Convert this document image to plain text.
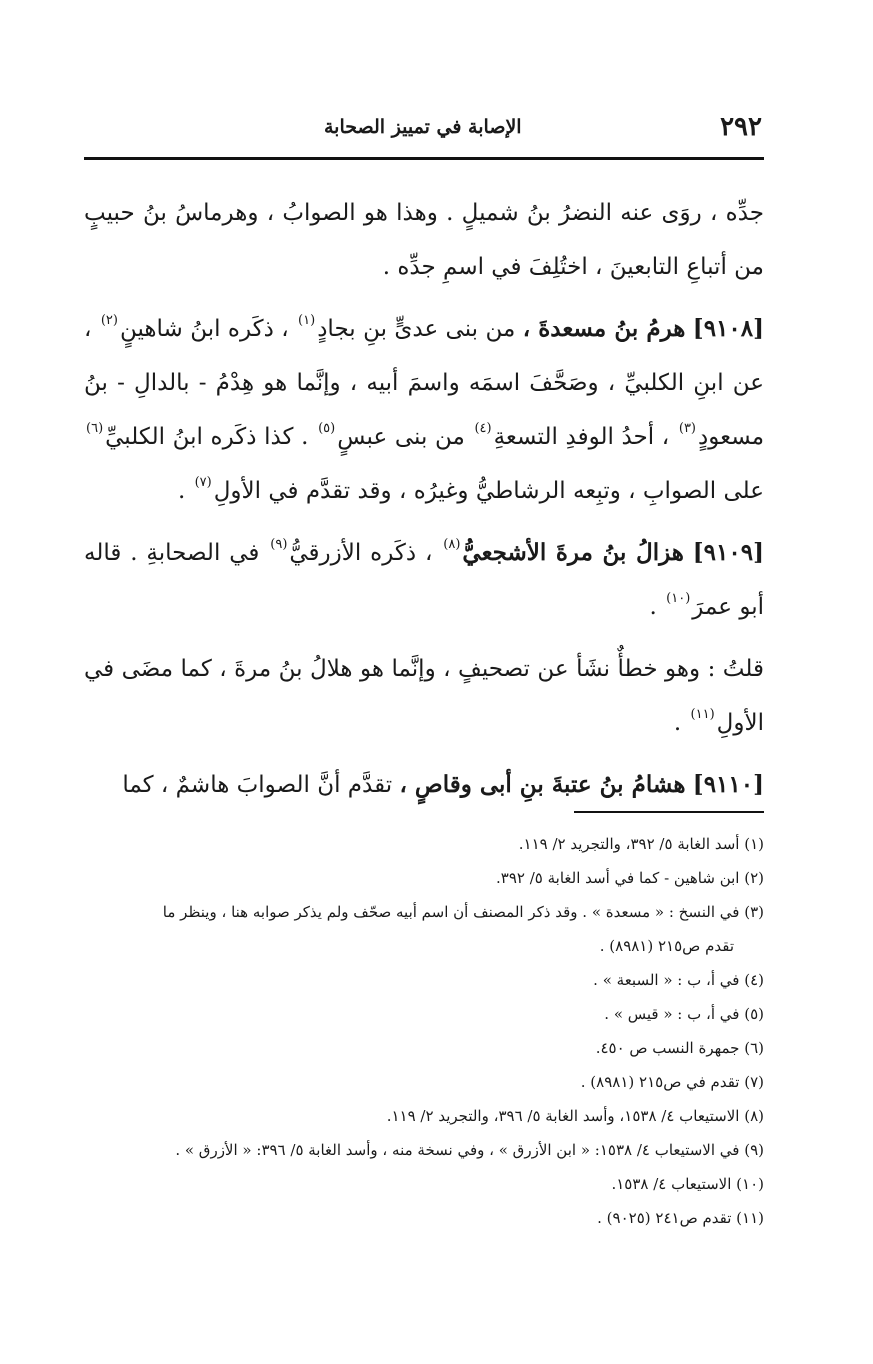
٢٩٢
الإصابة في تمييز الصحابة

جدِّه ، روَى عنه النضرُ بنُ شميلٍ . وهذا هو الصوابُ ، وهرماسُ بنُ حبيبٍ من أتباعِ التابعينَ ، اختُلِفَ في اسمِ جدِّه .

[٩١٠٨] هرمُ بنُ مسعدةَ ، من بنى عدىٍّ بنِ بجادٍ$^{(١)}$ ، ذكَره ابنُ شاهينٍ$^{(٢)}$ ، عن ابنِ الكلبيِّ ، وصَحَّفَ اسمَه واسمَ أبيه ، وإنَّما هو هِدْمُ - بالدالِ - بنُ مسعودٍ$^{(٣)}$ ، أحدُ الوفدِ التسعةِ$^{(٤)}$ من بنى عبسٍ$^{(٥)}$ . كذا ذكَره ابنُ الكلبيِّ$^{(٦)}$ على الصوابِ ، وتبِعه الرشاطيُّ وغيرُه ، وقد تقدَّم في الأولِ$^{(٧)}$ .

[٩١٠٩] هزالُ بنُ مرةَ الأشجعيُّ$^{(٨)}$ ، ذكَره الأزرقيُّ$^{(٩)}$ في الصحابةِ . قاله أبو عمرَ$^{(١٠)}$ .

قلتُ : وهو خطأٌ نشَأ عن تصحيفٍ ، وإنَّما هو هلالُ بنُ مرةَ ، كما مضَى في الأولِ$^{(١١)}$ .

[٩١١٠] هشامُ بنُ عتبةَ بنِ أبى وقاصٍ ، تقدَّم أنَّ الصوابَ هاشمٌ ، كما

(١) أسد الغابة ٥/ ٣٩٢، والتجريد ٢/ ١١٩.
(٢) ابن شاهين - كما في أسد الغابة ٥/ ٣٩٢.
(٣) في النسخ : « مسعدة » . وقد ذكر المصنف أن اسم أبيه صحّف ولم يذكر صوابه هنا ، وينظر ما
تقدم ص٢١٥ (٨٩٨١) .
(٤) في أ، ب : « السبعة » .
(٥) في أ، ب : « قيس » .
(٦) جمهرة النسب ص ٤٥٠.
(٧) تقدم في ص٢١٥ (٨٩٨١) .
(٨) الاستيعاب ٤/ ١٥٣٨، وأسد الغابة ٥/ ٣٩٦، والتجريد ٢/ ١١٩.
(٩) في الاستيعاب ٤/ ١٥٣٨: « ابن الأزرق » ، وفي نسخة منه ، وأسد الغابة ٥/ ٣٩٦: « الأزرق » .
(١٠) الاستيعاب ٤/ ١٥٣٨.
(١١) تقدم ص٢٤١ (٩٠٢٥) .
